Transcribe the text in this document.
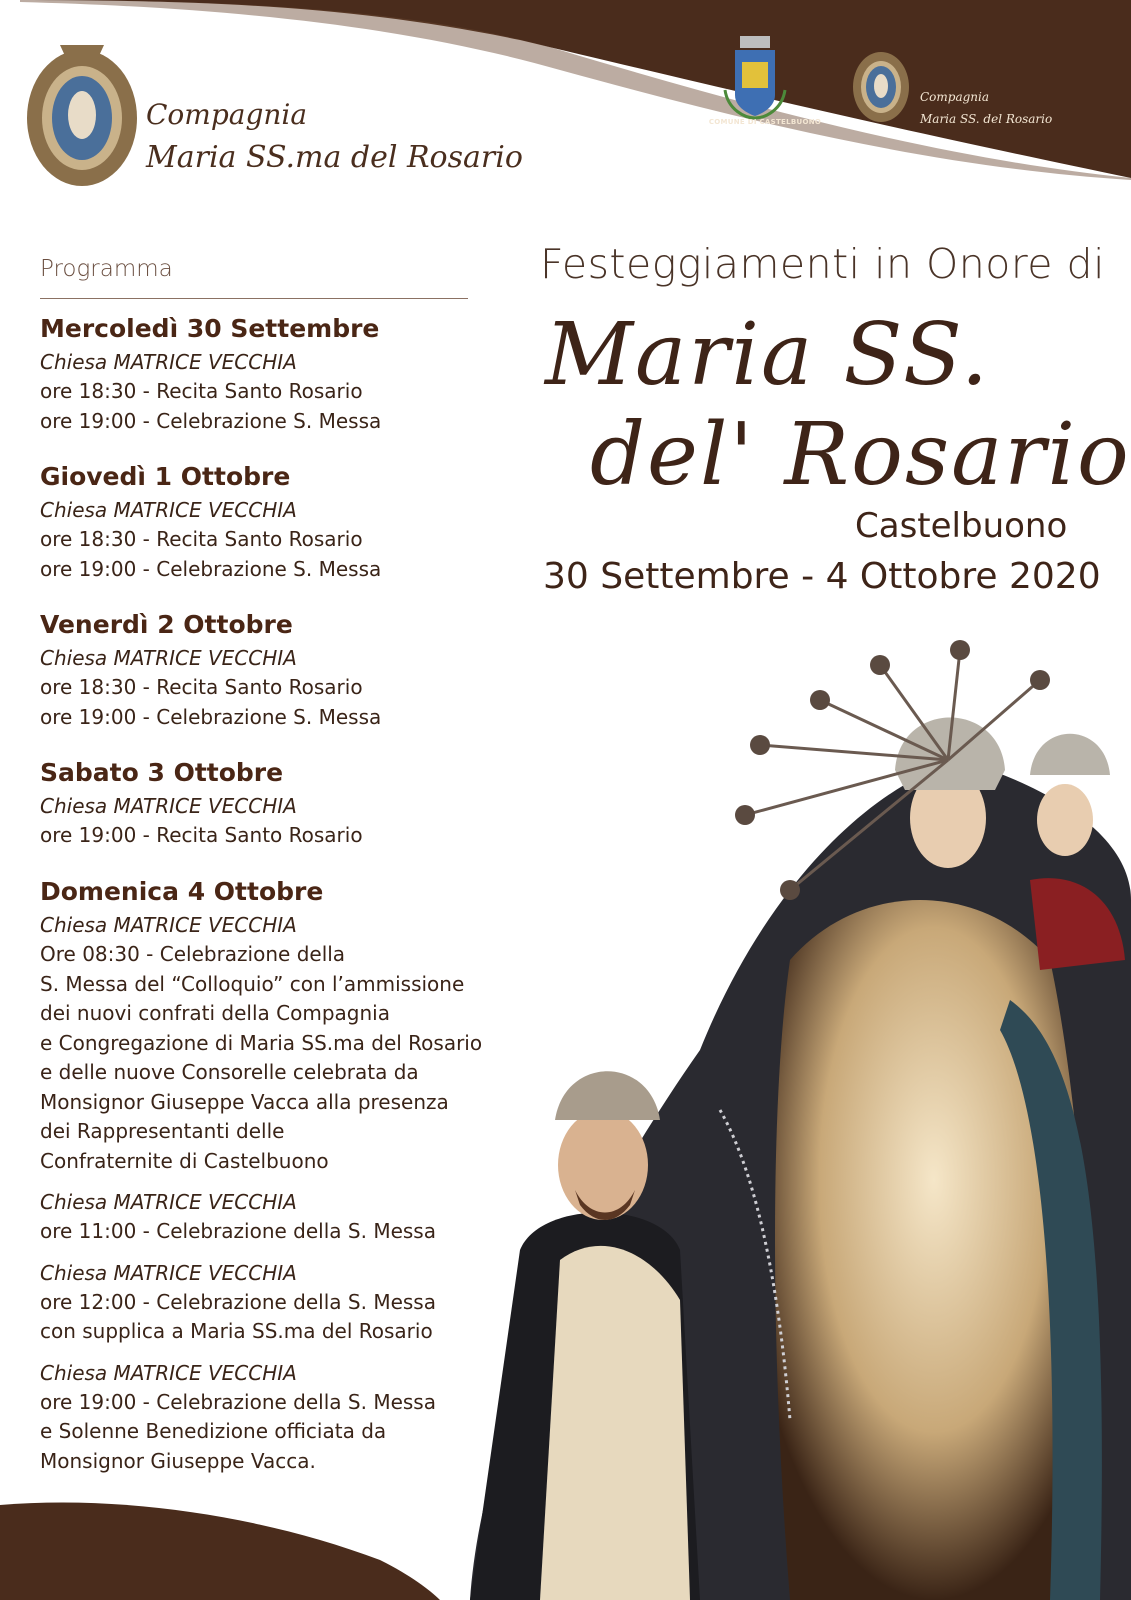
Compagnia
Maria SS.ma del Rosario
COMUNE DI CASTELBUONO
Compagnia
Maria SS. del Rosario
Programma
Mercoledì 30 Settembre
Chiesa MATRICE VECCHIA
ore 18:30 - Recita Santo Rosario
ore 19:00 - Celebrazione S. Messa
Giovedì 1 Ottobre
Chiesa MATRICE VECCHIA
ore 18:30 - Recita Santo Rosario
ore 19:00 - Celebrazione S. Messa
Venerdì 2 Ottobre
Chiesa MATRICE VECCHIA
ore 18:30 - Recita Santo Rosario
ore 19:00 - Celebrazione S. Messa
Sabato 3 Ottobre
Chiesa MATRICE VECCHIA
ore 19:00 - Recita Santo Rosario
Domenica 4 Ottobre
Chiesa MATRICE VECCHIA
Ore 08:30 - Celebrazione della
S. Messa del “Colloquio” con l’ammissione
dei nuovi confrati della Compagnia
e Congregazione di Maria SS.ma del Rosario
e delle nuove Consorelle celebrata da
Monsignor Giuseppe Vacca alla presenza
dei Rappresentanti delle
Confraternite di Castelbuono
Chiesa MATRICE VECCHIA
ore 11:00 - Celebrazione della S. Messa
Chiesa MATRICE VECCHIA
ore 12:00 - Celebrazione della S. Messa
con supplica a Maria SS.ma del Rosario
Chiesa MATRICE VECCHIA
ore 19:00 - Celebrazione della S. Messa
e Solenne Benedizione officiata da
Monsignor Giuseppe Vacca.
Festeggiamenti in Onore di
Maria SS.
del' Rosario
Castelbuono
30 Settembre - 4 Ottobre 2020
